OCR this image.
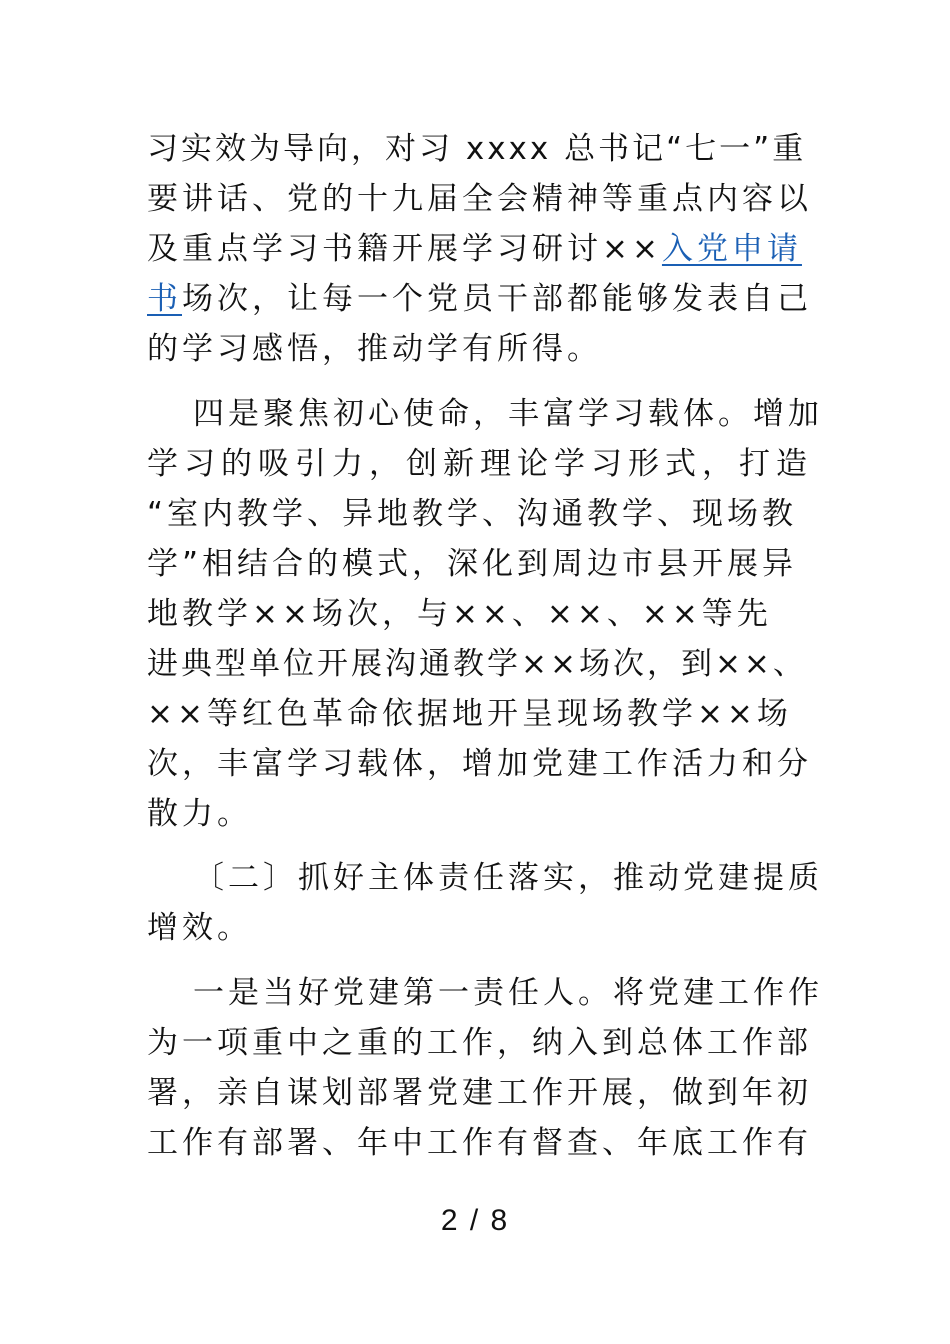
习实效为导向，对习 xxxx 总书记“七一”重
要讲话、党的十九届全会精神等重点内容以
及重点学习书籍开展学习研讨××入党申请
书场次，让每一个党员干部都能够发表自己
的学习感悟，推动学有所得。
四是聚焦初心使命，丰富学习载体。增加
学习的吸引力，创新理论学习形式，打造
“室内教学、异地教学、沟通教学、现场教
学”相结合的模式，深化到周边市县开展异
地教学××场次，与××、××、××等先
进典型单位开展沟通教学××场次，到××、
××等红色革命依据地开呈现场教学××场
次，丰富学习载体，增加党建工作活力和分
散力。
〔二〕抓好主体责任落实，推动党建提质
增效。
一是当好党建第一责任人。将党建工作作
为一项重中之重的工作，纳入到总体工作部
署，亲自谋划部署党建工作开展，做到年初
工作有部署、年中工作有督查、年底工作有
2 / 8
